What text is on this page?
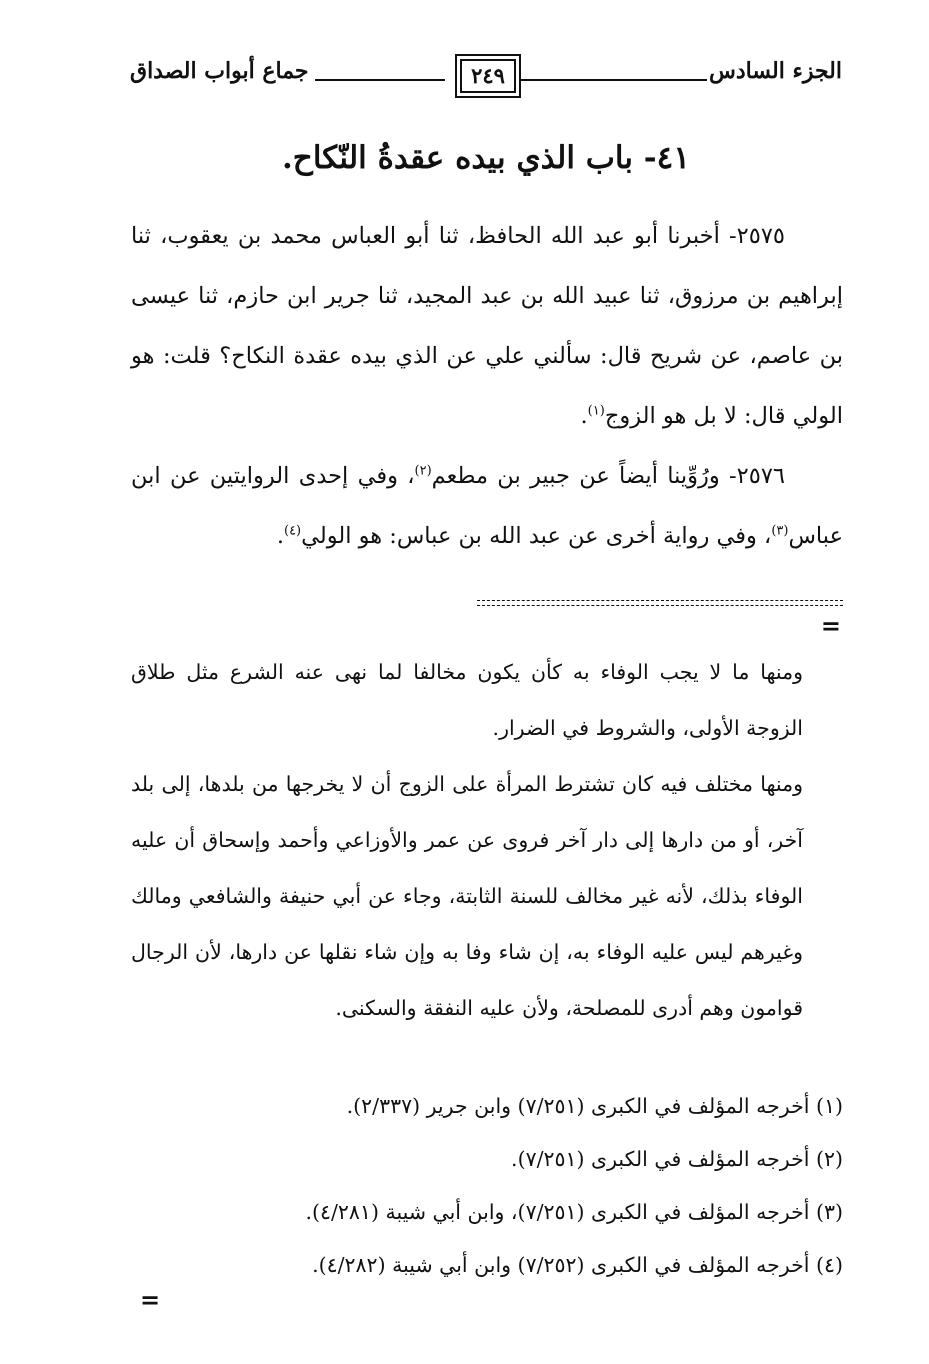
الجزء السادس
٢٤٩
جماع أبواب الصداق
٤١- باب الذي بيده عقدةُ النّكاح.

٢٥٧٥- أخبرنا أبو عبد الله الحافظ، ثنا أبو العباس محمد بن يعقوب، ثنا إبراهيم بن مرزوق، ثنا عبيد الله بن عبد المجيد، ثنا جرير ابن حازم، ثنا عيسى بن عاصم، عن شريح قال: سألني علي عن الذي بيده عقدة النكاح؟ قلت: هو الولي قال: لا بل هو الزوج$^{(١)}$.

٢٥٧٦- ورُوِّينا أيضاً عن جبير بن مطعم$^{(٢)}$، وفي إحدى الروايتين عن ابن عباس$^{(٣)}$، وفي رواية أخرى عن عبد الله بن عباس: هو الولي$^{(٤)}$.

=

ومنها ما لا يجب الوفاء به كأن يكون مخالفا لما نهى عنه الشرع مثل طلاق الزوجة الأولى، والشروط في الضرار.

ومنها مختلف فيه كان تشترط المرأة على الزوج أن لا يخرجها من بلدها، إلى بلد آخر، أو من دارها إلى دار آخر فروى عن عمر والأوزاعي وأحمد وإسحاق أن عليه الوفاء بذلك، لأنه غير مخالف للسنة الثابتة، وجاء عن أبي حنيفة والشافعي ومالك وغيرهم ليس عليه الوفاء به، إن شاء وفا به وإن شاء نقلها عن دارها، لأن الرجال قوامون وهم أدرى للمصلحة، ولأن عليه النفقة والسكنى.

(١) أخرجه المؤلف في الكبرى (٧/٢٥١) وابن جرير (٢/٣٣٧).

(٢) أخرجه المؤلف في الكبرى (٧/٢٥١).

(٣) أخرجه المؤلف في الكبرى (٧/٢٥١)، وابن أبي شيبة (٤/٢٨١).

(٤) أخرجه المؤلف في الكبرى (٧/٢٥٢) وابن أبي شيبة (٤/٢٨٢).

=
